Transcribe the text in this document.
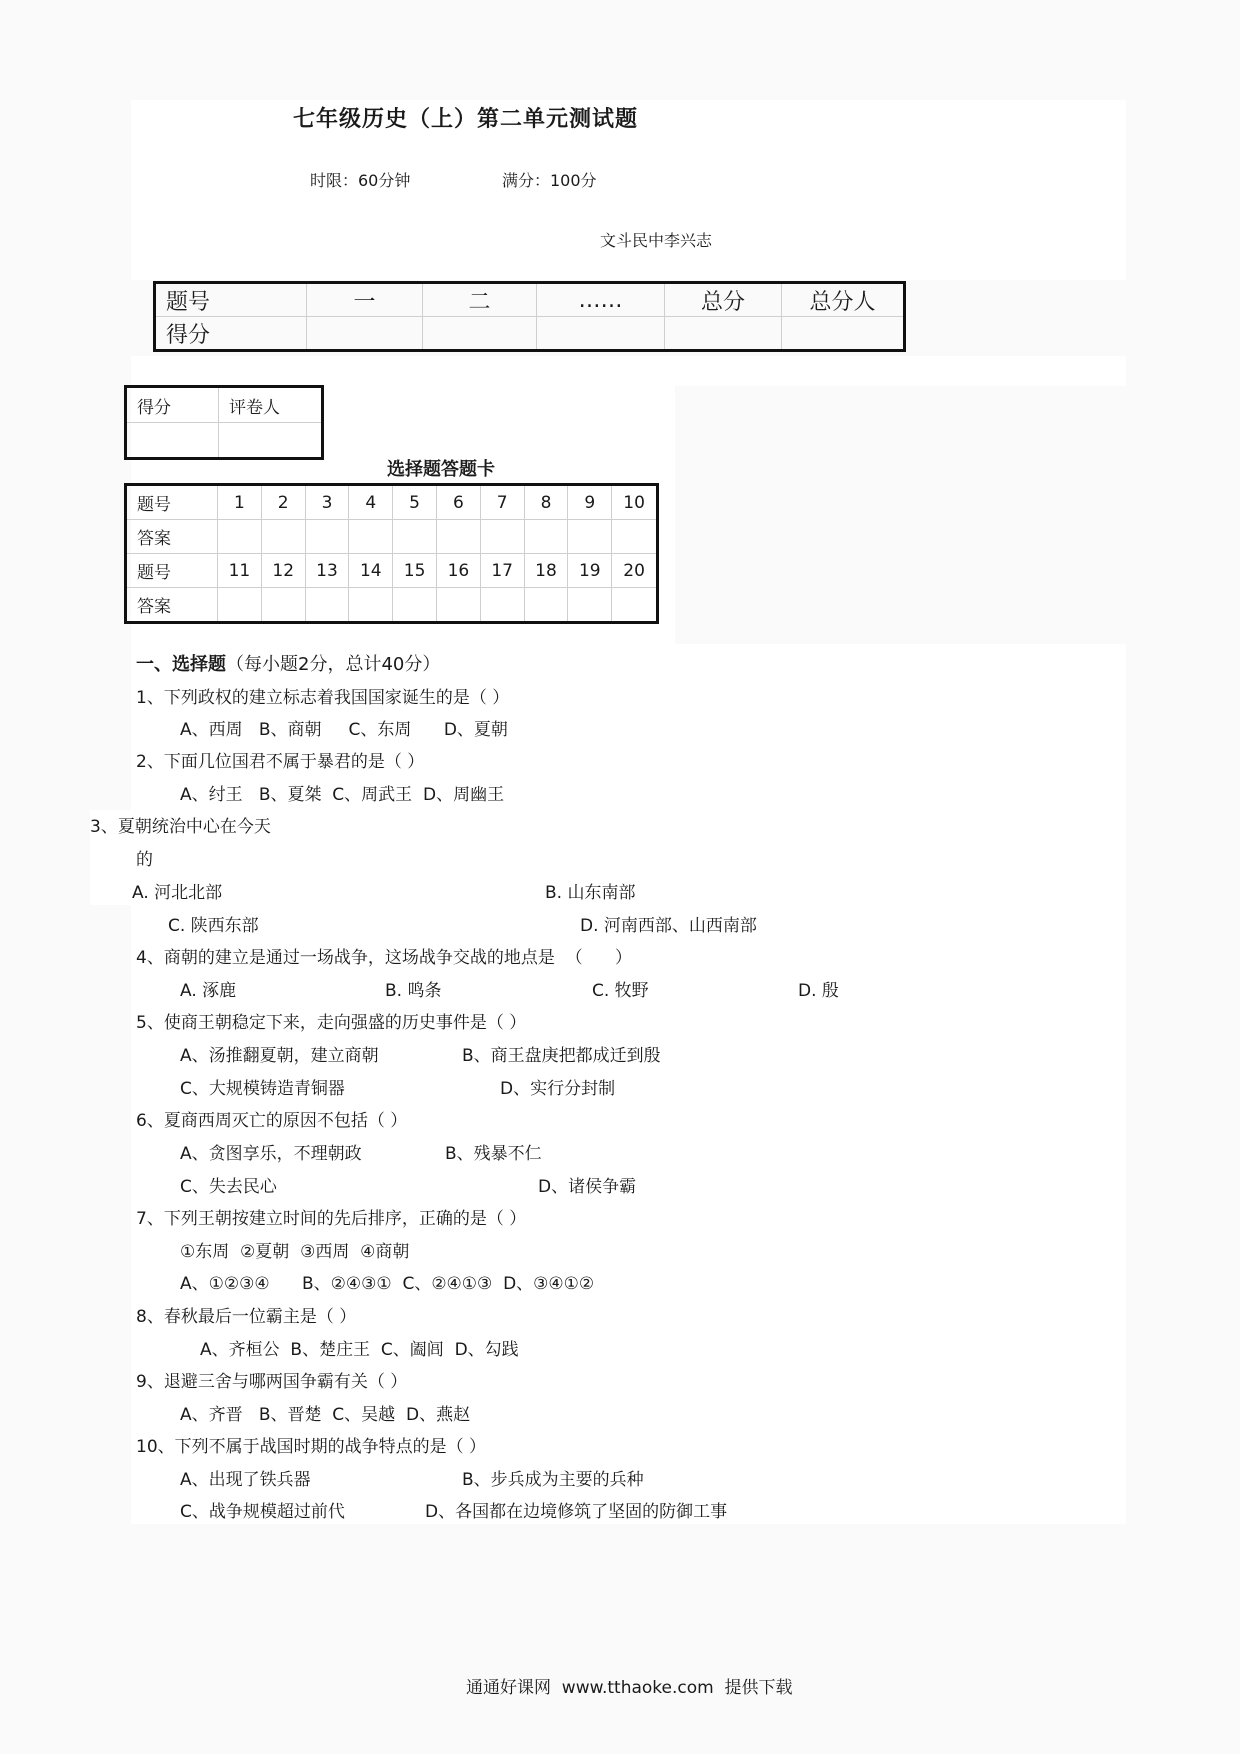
七年级历史（上）第二单元测试题
时限：60分钟	满分：100分
文斗民中李兴志
题号	一	二	……	总分	总分人
得分					
得分	评卷人

选择题答题卡
题号	1	2	3	4	5	6	7	8	9	10
答案										
题号	11	12	13	14	15	16	17	18	19	20
答案										
一、选择题（每小题2分，总计40分）
1、下列政权的建立标志着我国国家诞生的是（ ）
A、西周   B、商朝     C、东周      D、夏朝
2、下面几位国君不属于暴君的是（ ）
A、纣王   B、夏桀  C、周武王  D、周幽王
3、夏朝统治中心在今天
的
A. 河北北部	B. 山东南部
C. 陕西东部	D. 河南西部、山西南部
4、商朝的建立是通过一场战争，这场战争交战的地点是  （      ）
A. 涿鹿	B. 鸣条	C. 牧野	D. 殷
5、使商王朝稳定下来，走向强盛的历史事件是（ ）
A、汤推翻夏朝，建立商朝	B、商王盘庚把都成迁到殷
C、大规模铸造青铜器	D、实行分封制
6、夏商西周灭亡的原因不包括（ ）
A、贪图享乐，不理朝政	B、残暴不仁
C、失去民心	D、诸侯争霸
7、下列王朝按建立时间的先后排序，正确的是（ ）
①东周  ②夏朝  ③西周  ④商朝
A、①②③④      B、②④③①  C、②④①③  D、③④①②
8、春秋最后一位霸主是（ ）
A、齐桓公  B、楚庄王  C、阖闾  D、勾践
9、退避三舍与哪两国争霸有关（ ）
A、齐晋   B、晋楚  C、吴越  D、燕赵
10、下列不属于战国时期的战争特点的是（ ）
A、出现了铁兵器	B、步兵成为主要的兵种
C、战争规模超过前代	D、各国都在边境修筑了坚固的防御工事
通通好课网  www.tthaoke.com  提供下载
